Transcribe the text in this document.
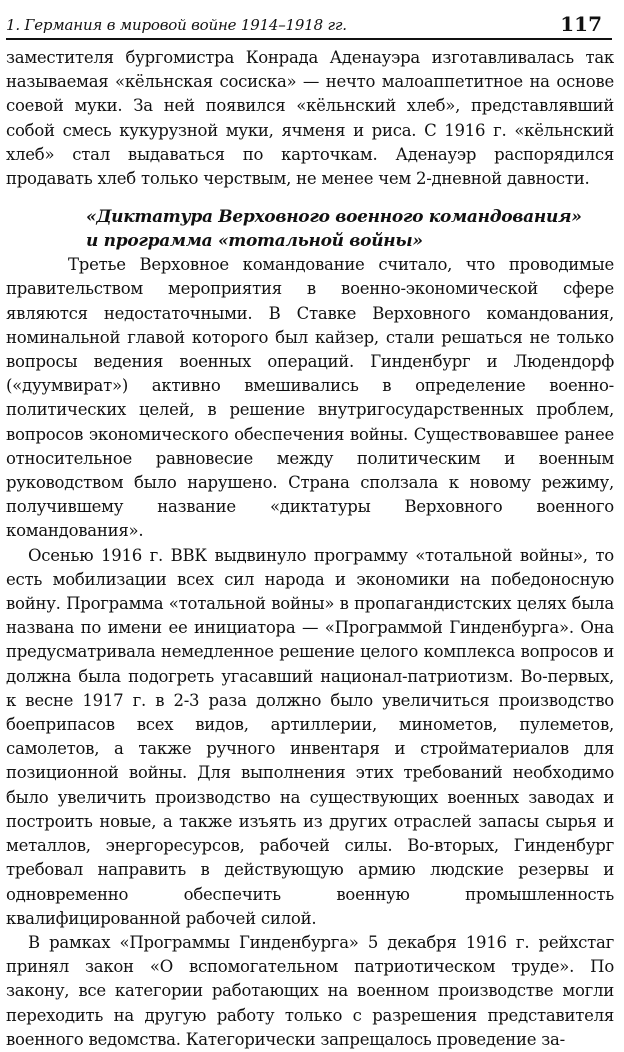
1. Германия в мировой войне 1914–1918 гг.	117

заместителя бургомистра Конрада Аденауэра изготавливалась так называемая «кёльнская сосиска» — нечто малоаппетитное на основе соевой муки. За ней появился «кёльнский хлеб», представлявший собой смесь кукурузной муки, ячменя и риса. С 1916 г. «кёльнский хлеб» стал выдаваться по карточкам. Аденауэр распорядился продавать хлеб только черствым, не менее чем 2-дневной давности.

«Диктатура Верховного военного командования»
и программа «тотальной войны»

Третье Верховное командование считало, что проводимые правительством мероприятия в военно-экономической сфере являются недостаточными. В Ставке Верховного командования, номинальной главой которого был кайзер, стали решаться не только вопросы ведения военных операций. Гинденбург и Людендорф («дуумвират») активно вмешивались в определение военно-политических целей, в решение внутригосударственных проблем, вопросов экономического обеспечения войны. Существовавшее ранее относительное равновесие между политическим и военным руководством было нарушено. Страна сползала к новому режиму, получившему название «диктатуры Верховного военного командования».

Осенью 1916 г. ВВК выдвинуло программу «тотальной войны», то есть мобилизации всех сил народа и экономики на победоносную войну. Программа «тотальной войны» в пропагандистских целях была названа по имени ее инициатора — «Программой Гинденбурга». Она предусматривала немедленное решение целого комплекса вопросов и должна была подогреть угасавший национал-патриотизм. Во-первых, к весне 1917 г. в 2-3 раза должно было увеличиться производство боеприпасов всех видов, артиллерии, минометов, пулеметов, самолетов, а также ручного инвентаря и стройматериалов для позиционной войны. Для выполнения этих требований необходимо было увеличить производство на существующих военных заводах и построить новые, а также изъять из других отраслей запасы сырья и металлов, энергоресурсов, рабочей силы. Во-вторых, Гинденбург требовал направить в действующую армию людские резервы и одновременно обеспечить военную промышленность квалифицированной рабочей силой.

В рамках «Программы Гинденбурга» 5 декабря 1916 г. рейхстаг принял закон «О вспомогательном патриотическом труде». По закону, все категории работающих на военном производстве могли переходить на другую работу только с разрешения представителя военного ведомства. Категорически запрещалось проведение за-
